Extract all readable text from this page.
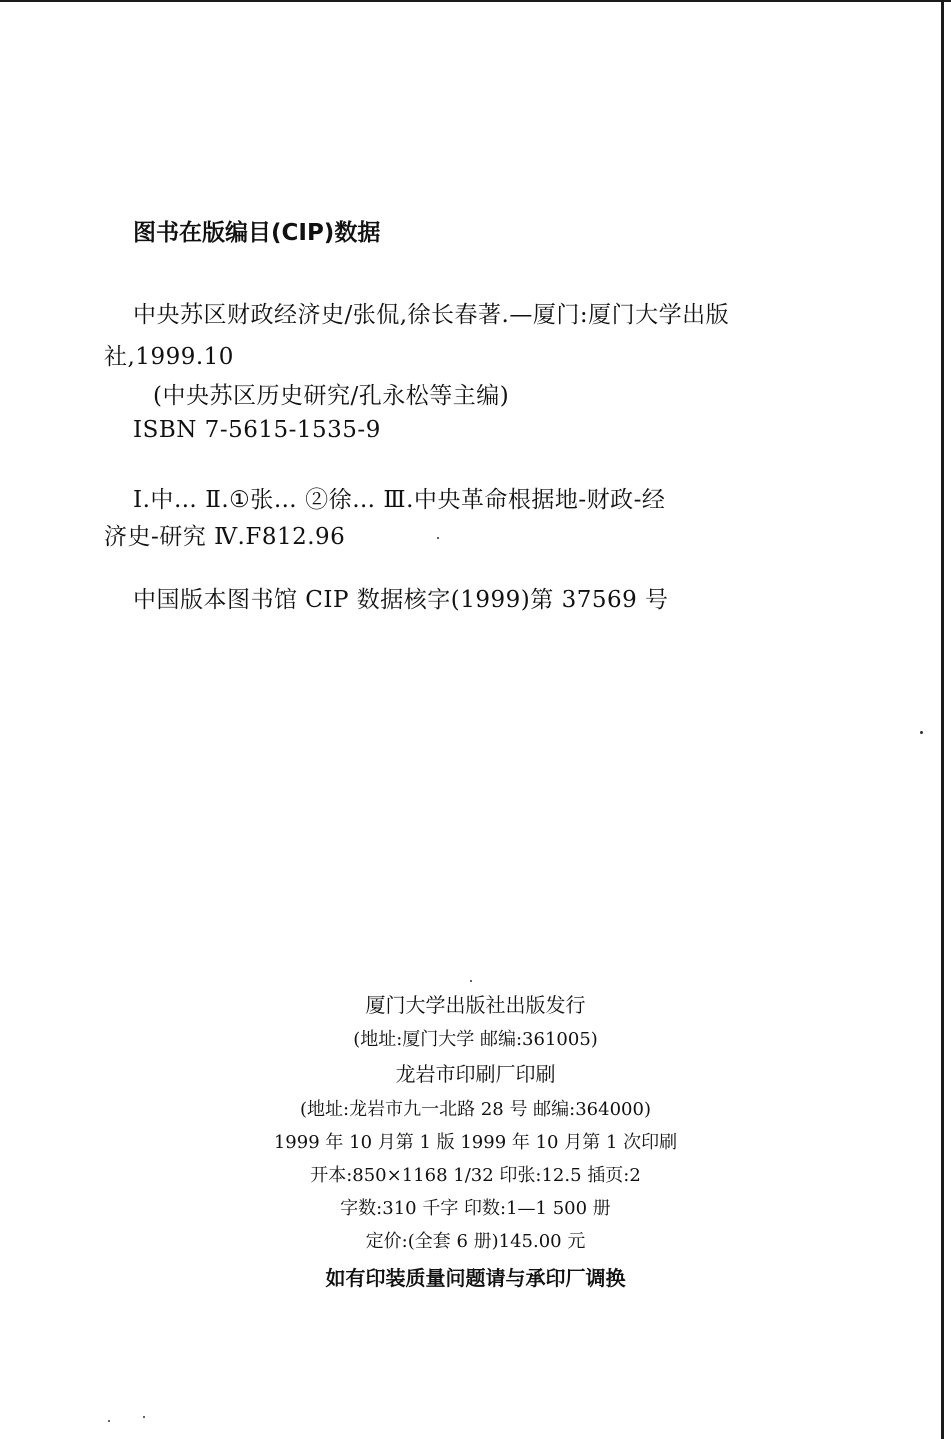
图书在版编目(CIP)数据
中央苏区财政经济史/张侃,徐长春著.—厦门:厦门大学出版
社,1999.10
(中央苏区历史研究/孔永松等主编)
ISBN 7-5615-1535-9
Ⅰ.中… Ⅱ.①张… ②徐… Ⅲ.中央革命根据地-财政-经
济史-研究 Ⅳ.F812.96
中国版本图书馆 CIP 数据核字(1999)第 37569 号
厦门大学出版社出版发行
(地址:厦门大学 邮编:361005)
龙岩市印刷厂印刷
(地址:龙岩市九一北路 28 号 邮编:364000)
1999 年 10 月第 1 版 1999 年 10 月第 1 次印刷
开本:850×1168 1/32 印张:12.5 插页:2
字数:310 千字 印数:1—1 500 册
定价:(全套 6 册)145.00 元
如有印装质量问题请与承印厂调换
